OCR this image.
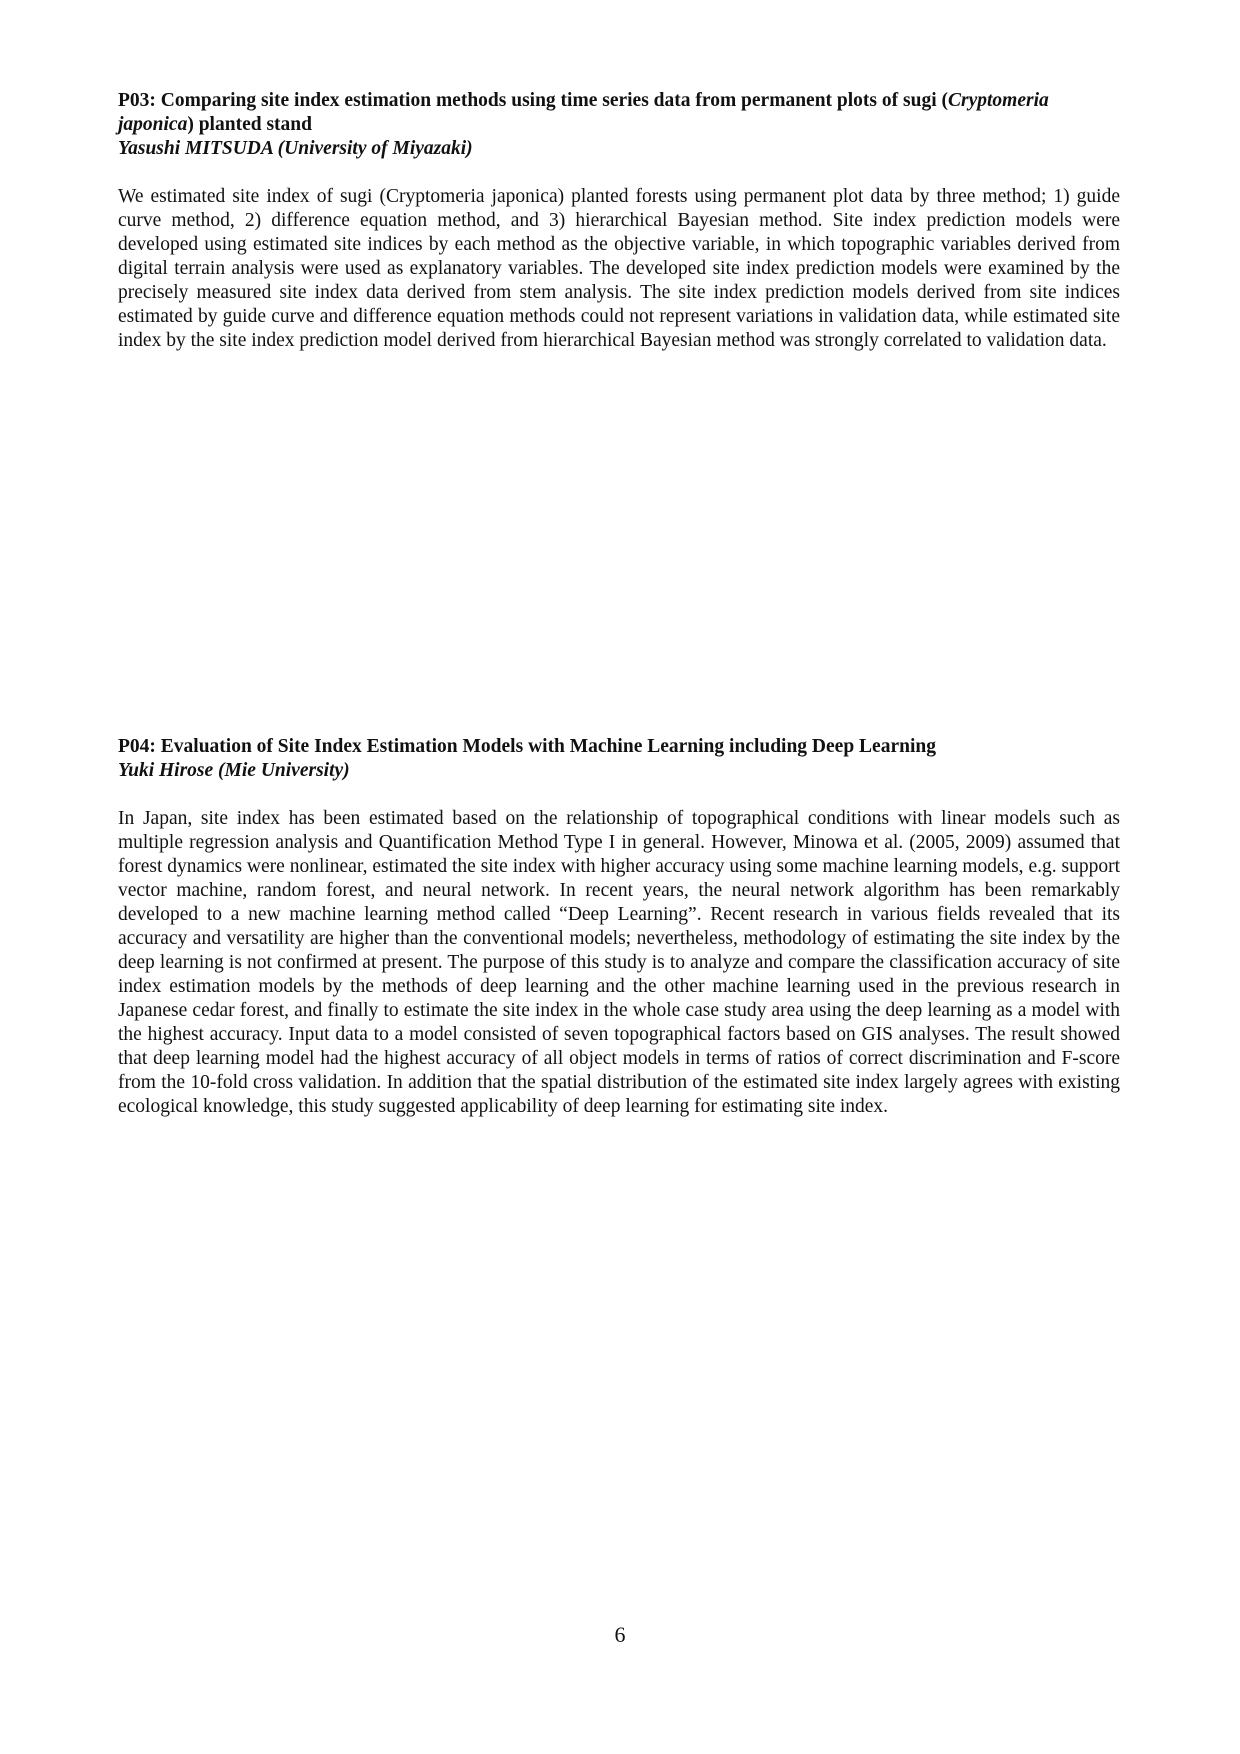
P03: Comparing site index estimation methods using time series data from permanent plots of sugi (Cryptomeria japonica) planted stand

Yasushi MITSUDA (University of Miyazaki)

We estimated site index of sugi (Cryptomeria japonica) planted forests using permanent plot data by three method; 1) guide curve method, 2) difference equation method, and 3) hierarchical Bayesian method. Site index prediction models were developed using estimated site indices by each method as the objective variable, in which topographic variables derived from digital terrain analysis were used as explanatory variables. The developed site index prediction models were examined by the precisely measured site index data derived from stem analysis. The site index prediction models derived from site indices estimated by guide curve and difference equation methods could not represent variations in validation data, while estimated site index by the site index prediction model derived from hierarchical Bayesian method was strongly correlated to validation data.

P04: Evaluation of Site Index Estimation Models with Machine Learning including Deep Learning

Yuki Hirose (Mie University)

In Japan, site index has been estimated based on the relationship of topographical conditions with linear models such as multiple regression analysis and Quantification Method Type I in general. However, Minowa et al. (2005, 2009) assumed that forest dynamics were nonlinear, estimated the site index with higher accuracy using some machine learning models, e.g. support vector machine, random forest, and neural network. In recent years, the neural network algorithm has been remarkably developed to a new machine learning method called “Deep Learning”. Recent research in various fields revealed that its accuracy and versatility are higher than the conventional models; nevertheless, methodology of estimating the site index by the deep learning is not confirmed at present. The purpose of this study is to analyze and compare the classification accuracy of site index estimation models by the methods of deep learning and the other machine learning used in the previous research in Japanese cedar forest, and finally to estimate the site index in the whole case study area using the deep learning as a model with the highest accuracy. Input data to a model consisted of seven topographical factors based on GIS analyses. The result showed that deep learning model had the highest accuracy of all object models in terms of ratios of correct discrimination and F-score from the 10-fold cross validation. In addition that the spatial distribution of the estimated site index largely agrees with existing ecological knowledge, this study suggested applicability of deep learning for estimating site index.

6
